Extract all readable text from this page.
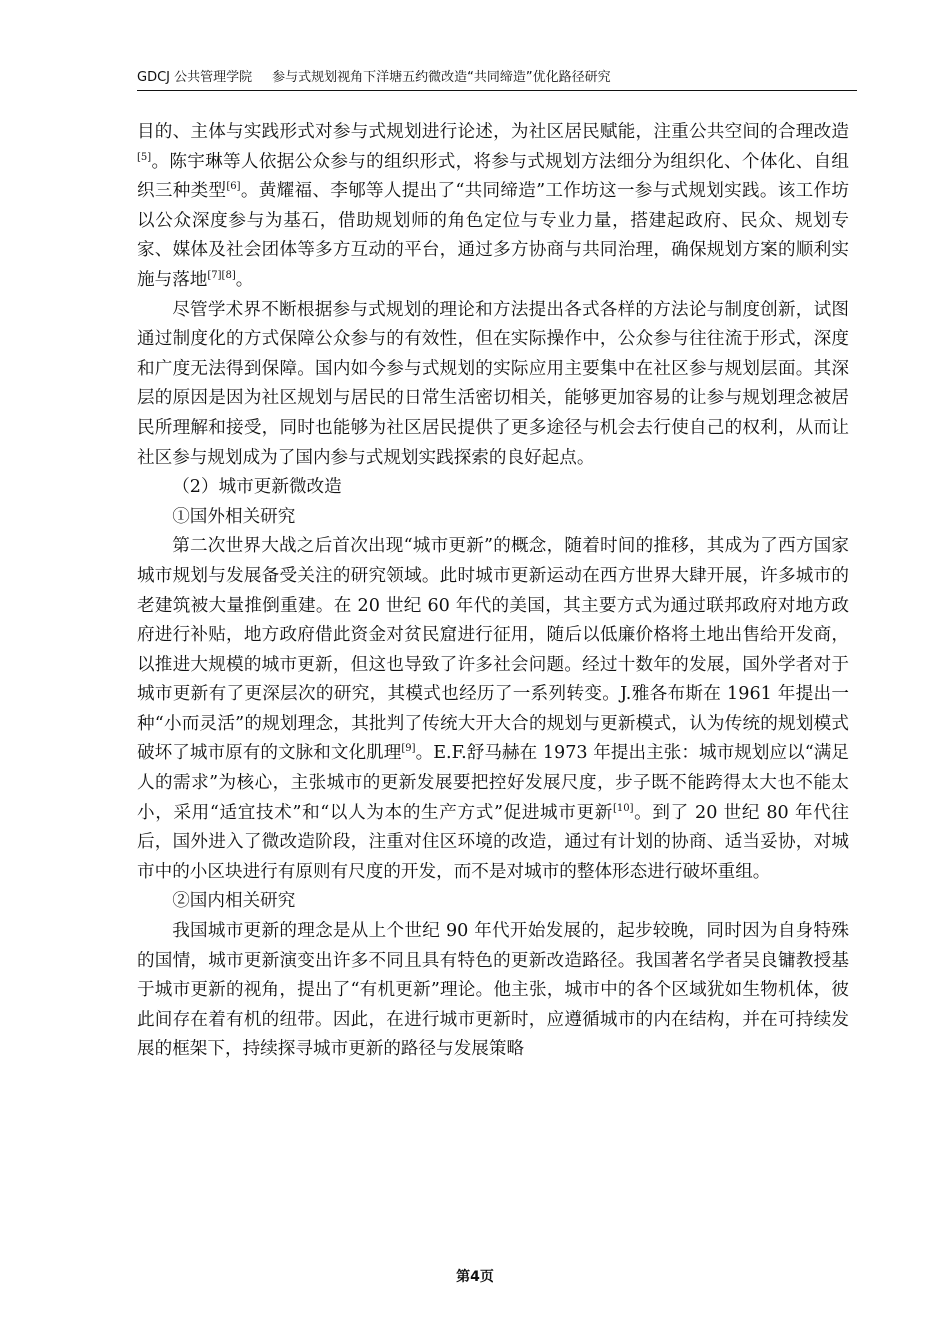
GDCJ 公共管理学院 参与式规划视角下洋塘五约微改造“共同缔造”优化路径研究

目的、主体与实践形式对参与式规划进行论述，为社区居民赋能，注重公共空间的合理改造[5]。陈宇琳等人依据公众参与的组织形式，将参与式规划方法细分为组织化、个体化、自组织三种类型[6]。黄耀福、李郇等人提出了“共同缔造”工作坊这一参与式规划实践。该工作坊以公众深度参与为基石，借助规划师的角色定位与专业力量，搭建起政府、民众、规划专家、媒体及社会团体等多方互动的平台，通过多方协商与共同治理，确保规划方案的顺利实施与落地[7][8]。

尽管学术界不断根据参与式规划的理论和方法提出各式各样的方法论与制度创新，试图通过制度化的方式保障公众参与的有效性，但在实际操作中，公众参与往往流于形式，深度和广度无法得到保障。国内如今参与式规划的实际应用主要集中在社区参与规划层面。其深层的原因是因为社区规划与居民的日常生活密切相关，能够更加容易的让参与规划理念被居民所理解和接受，同时也能够为社区居民提供了更多途径与机会去行使自己的权利，从而让社区参与规划成为了国内参与式规划实践探索的良好起点。

（2）城市更新微改造

①国外相关研究

第二次世界大战之后首次出现“城市更新”的概念，随着时间的推移，其成为了西方国家城市规划与发展备受关注的研究领域。此时城市更新运动在西方世界大肆开展，许多城市的老建筑被大量推倒重建。在 20 世纪 60 年代的美国，其主要方式为通过联邦政府对地方政府进行补贴，地方政府借此资金对贫民窟进行征用，随后以低廉价格将土地出售给开发商，以推进大规模的城市更新，但这也导致了许多社会问题。经过十数年的发展，国外学者对于城市更新有了更深层次的研究，其模式也经历了一系列转变。J.雅各布斯在 1961 年提出一种“小而灵活”的规划理念，其批判了传统大开大合的规划与更新模式，认为传统的规划模式破坏了城市原有的文脉和文化肌理[9]。E.F.舒马赫在 1973 年提出主张：城市规划应以“满足人的需求”为核心，主张城市的更新发展要把控好发展尺度，步子既不能跨得太大也不能太小，采用“适宜技术”和“以人为本的生产方式”促进城市更新[10]。到了 20 世纪 80 年代往后，国外进入了微改造阶段，注重对住区环境的改造，通过有计划的协商、适当妥协，对城市中的小区块进行有原则有尺度的开发，而不是对城市的整体形态进行破坏重组。

②国内相关研究

我国城市更新的理念是从上个世纪 90 年代开始发展的，起步较晚，同时因为自身特殊的国情，城市更新演变出许多不同且具有特色的更新改造路径。我国著名学者吴良镛教授基于城市更新的视角，提出了“有机更新”理论。他主张，城市中的各个区域犹如生物机体，彼此间存在着有机的纽带。因此，在进行城市更新时，应遵循城市的内在结构，并在可持续发展的框架下，持续探寻城市更新的路径与发展策略

第4页
